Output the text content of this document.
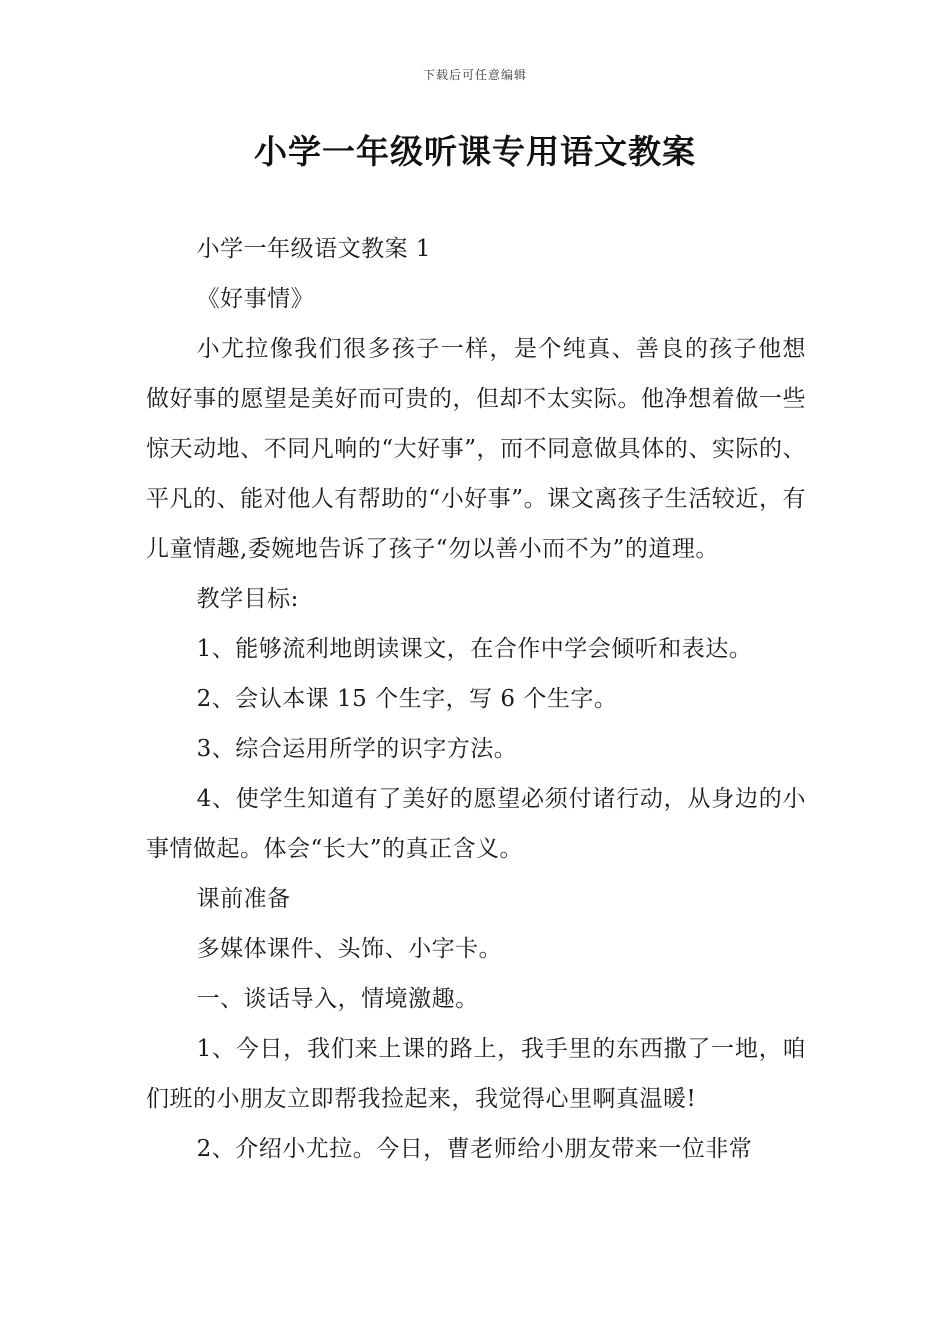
下载后可任意编辑
小学一年级听课专用语文教案

小学一年级语文教案 1

《好事情》

小尤拉像我们很多孩子一样，是个纯真、善良的孩子他想做好事的愿望是美好而可贵的，但却不太实际。他净想着做一些惊天动地、不同凡响的“大好事”，而不同意做具体的、实际的、平凡的、能对他人有帮助的“小好事”。课文离孩子生活较近，有儿童情趣,委婉地告诉了孩子“勿以善小而不为”的道理。

教学目标:

1、能够流利地朗读课文，在合作中学会倾听和表达。

2、会认本课 15 个生字，写 6 个生字。

3、综合运用所学的识字方法。

4、使学生知道有了美好的愿望必须付诸行动，从身边的小事情做起。体会“长大”的真正含义。

课前准备

多媒体课件、头饰、小字卡。

一、谈话导入，情境激趣。

1、今日，我们来上课的路上，我手里的东西撒了一地，咱们班的小朋友立即帮我捡起来，我觉得心里啊真温暖!

2、介绍小尤拉。今日，曹老师给小朋友带来一位非常
